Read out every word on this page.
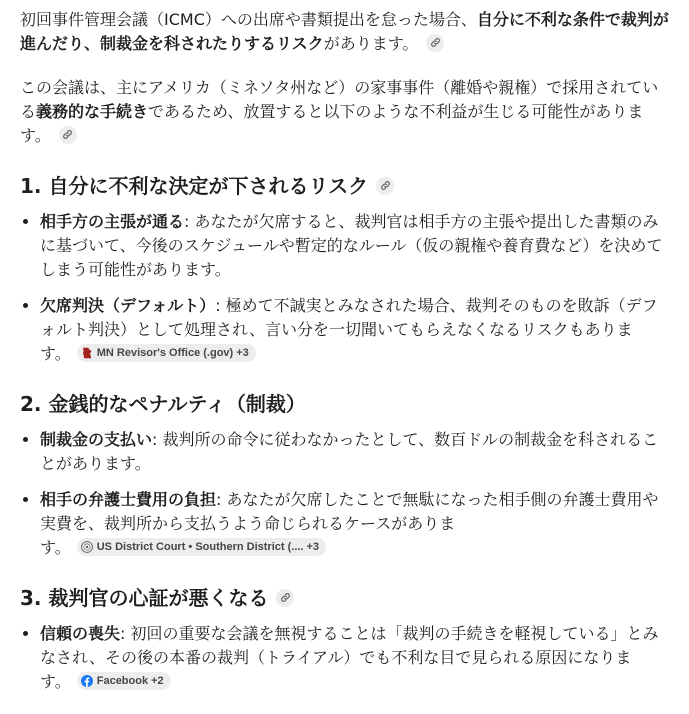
初回事件管理会議（ICMC）への出席や書類提出を怠った場合、自分に不利な条件で裁判が進んだり、制裁金を科されたりするリスクがあります。

この会議は、主にアメリカ（ミネソタ州など）の家事事件（離婚や親権）で採用されている義務的な手続きであるため、放置すると以下のような不利益が生じる可能性があります。

1. 自分に不利な決定が下されるリスク
• 相手方の主張が通る: あなたが欠席すると、裁判官は相手方の主張や提出した書類のみに基づいて、今後のスケジュールや暫定的なルール（仮の親権や養育費など）を決めてしまう可能性があります。
• 欠席判決（デフォルト）: 極めて不誠実とみなされた場合、裁判そのものを敗訴（デフォルト判決）として処理され、言い分を一切聞いてもらえなくなるリスクもあります。 MN Revisor's Office (.gov) +3
2. 金銭的なペナルティ（制裁）
• 制裁金の支払い: 裁判所の命令に従わなかったとして、数百ドルの制裁金を科されることがあります。
• 相手の弁護士費用の負担: あなたが欠席したことで無駄になった相手側の弁護士費用や実費を、裁判所から支払うよう命じられるケースがあります。 US District Court • Southern District (.... +3
3. 裁判官の心証が悪くなる
• 信頼の喪失: 初回の重要な会議を無視することは「裁判の手続きを軽視している」とみなされ、その後の本番の裁判（トライアル）でも不利な目で見られる原因になります。 Facebook +2
